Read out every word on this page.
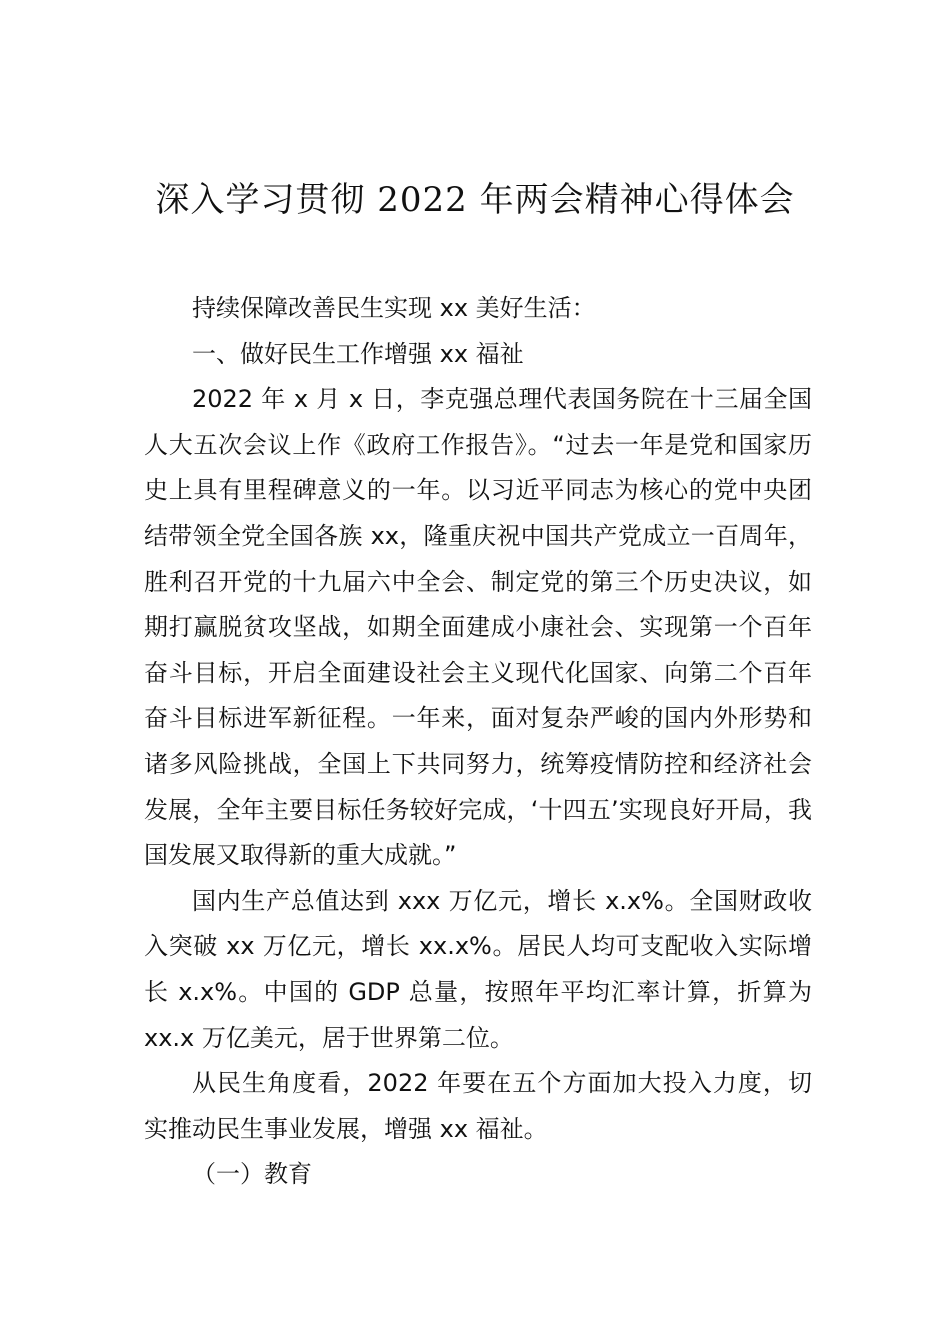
深入学习贯彻 2022 年两会精神心得体会

持续保障改善民生实现 xx 美好生活：

一、做好民生工作增强 xx 福祉

2022 年 x 月 x 日，李克强总理代表国务院在十三届全国人大五次会议上作《政府工作报告》。“过去一年是党和国家历史上具有里程碑意义的一年。以习近平同志为核心的党中央团结带领全党全国各族 xx，隆重庆祝中国共产党成立一百周年，胜利召开党的十九届六中全会、制定党的第三个历史决议，如期打赢脱贫攻坚战，如期全面建成小康社会、实现第一个百年奋斗目标，开启全面建设社会主义现代化国家、向第二个百年奋斗目标进军新征程。一年来，面对复杂严峻的国内外形势和诸多风险挑战，全国上下共同努力，统筹疫情防控和经济社会发展，全年主要目标任务较好完成，‘十四五’实现良好开局，我国发展又取得新的重大成就。”

国内生产总值达到 xxx 万亿元，增长 x.x%。全国财政收入突破 xx 万亿元，增长 xx.x%。居民人均可支配收入实际增长 x.x%。中国的 GDP 总量，按照年平均汇率计算，折算为 xx.x 万亿美元，居于世界第二位。

从民生角度看，2022 年要在五个方面加大投入力度，切实推动民生事业发展，增强 xx 福祉。

（一）教育
